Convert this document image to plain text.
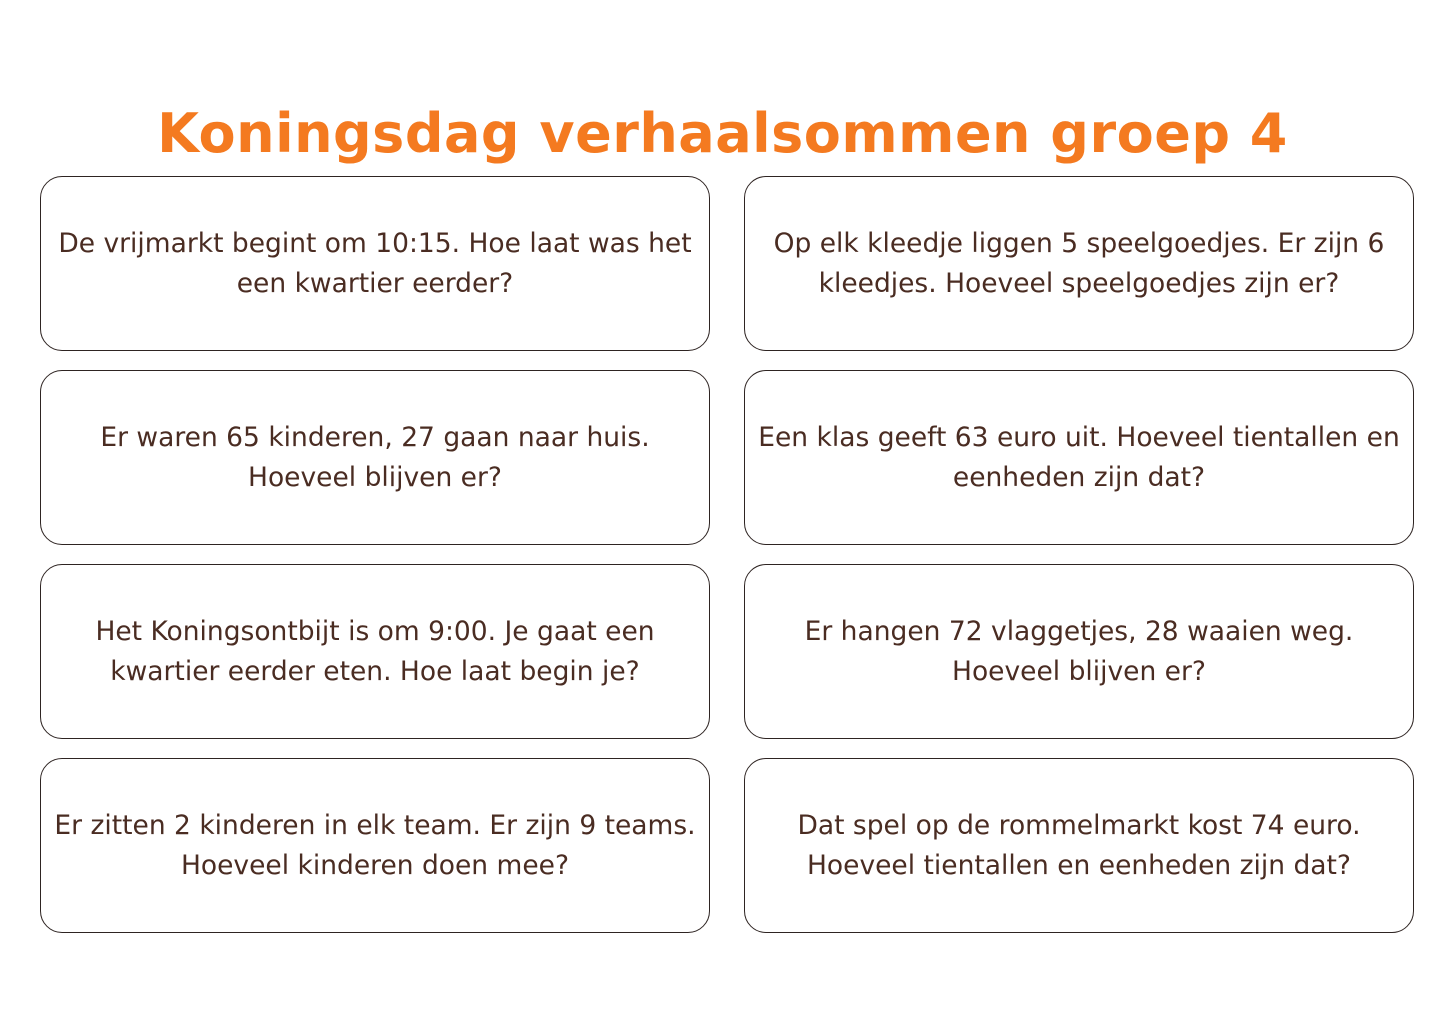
Koningsdag verhaalsommen groep 4
De vrijmarkt begint om 10:15. Hoe laat was het een kwartier eerder?
Op elk kleedje liggen 5 speelgoedjes. Er zijn 6 kleedjes. Hoeveel speelgoedjes zijn er?
Er waren 65 kinderen, 27 gaan naar huis. Hoeveel blijven er?
Een klas geeft 63 euro uit. Hoeveel tientallen en eenheden zijn dat?
Het Koningsontbijt is om 9:00. Je gaat een kwartier eerder eten. Hoe laat begin je?
Er hangen 72 vlaggetjes, 28 waaien weg. Hoeveel blijven er?
Er zitten 2 kinderen in elk team. Er zijn 9 teams. Hoeveel kinderen doen mee?
Dat spel op de rommelmarkt kost 74 euro. Hoeveel tientallen en eenheden zijn dat?
